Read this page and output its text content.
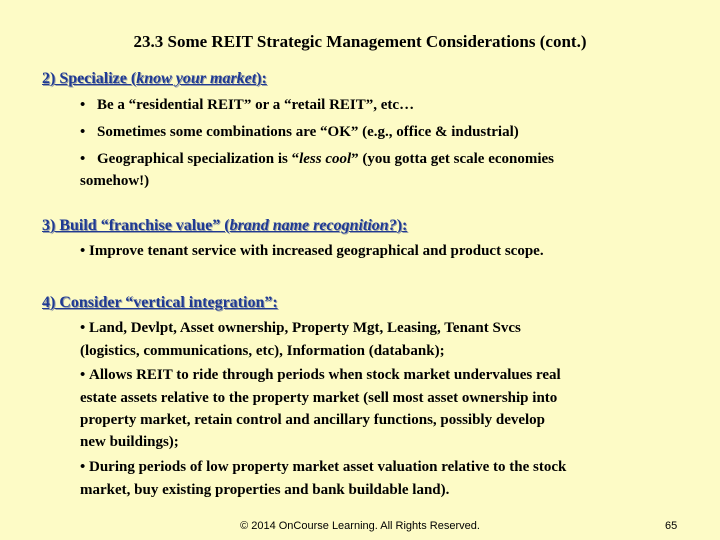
23.3 Some REIT Strategic Management Considerations (cont.)
2) Specialize (know your market):
• Be a “residential REIT” or a “retail REIT”, etc…
• Sometimes some combinations are “OK” (e.g., office & industrial)
• Geographical specialization is “less cool” (you gotta get scale economies
somehow!)
3) Build “franchise value” (brand name recognition?):
• Improve tenant service with increased geographical and product scope.
4) Consider “vertical integration”:
• Land, Devlpt, Asset ownership, Property Mgt, Leasing, Tenant Svcs
(logistics, communications, etc), Information (databank);
• Allows REIT to ride through periods when stock market undervalues real
estate assets relative to the property market (sell most asset ownership into
property market, retain control and ancillary functions, possibly develop
new buildings);
• During periods of low property market asset valuation relative to the stock
market, buy existing properties and bank buildable land).
© 2014 OnCourse Learning. All Rights Reserved.	65
